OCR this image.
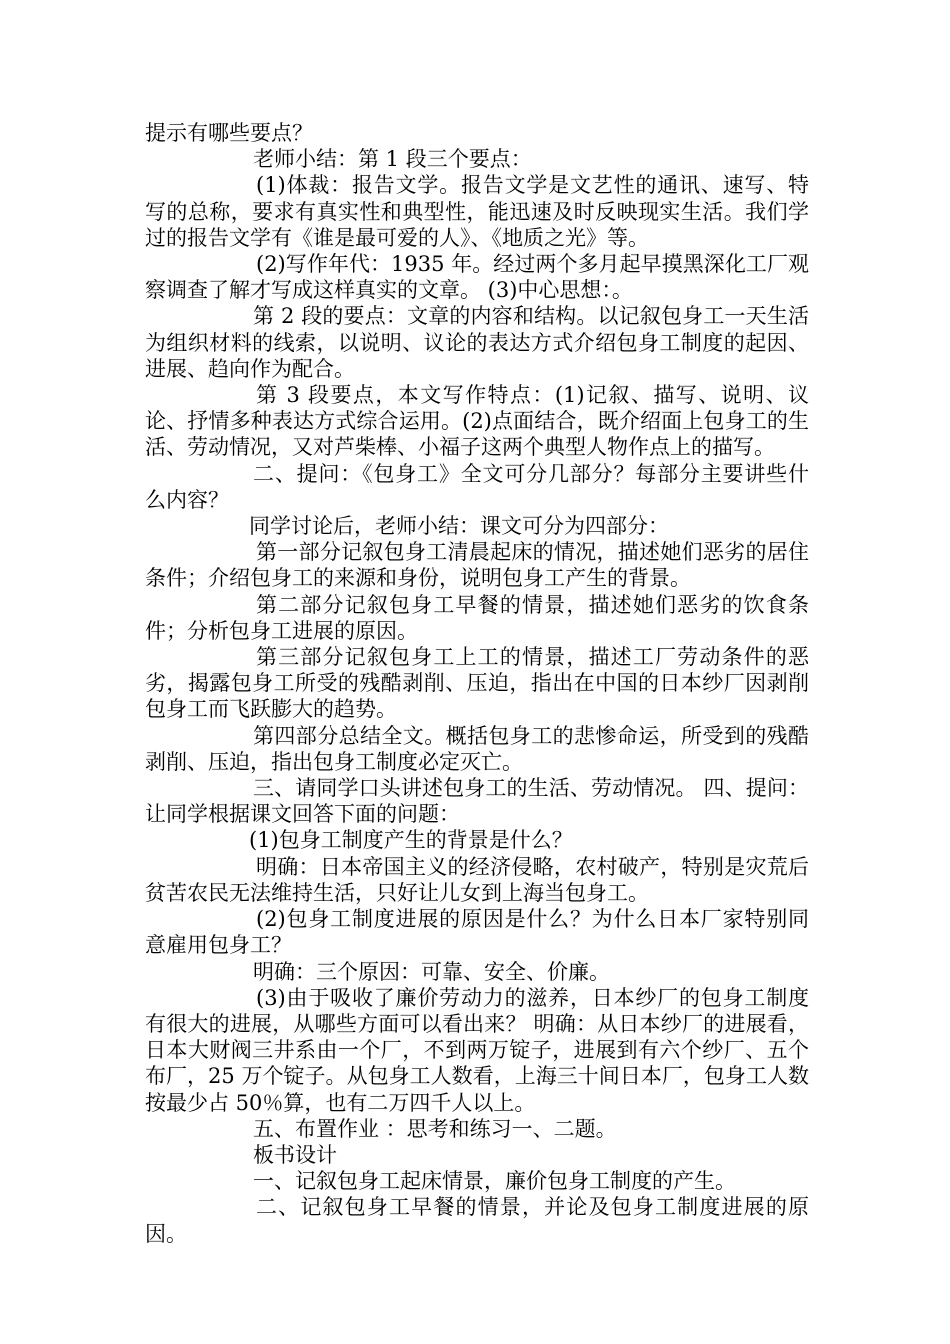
提示有哪些要点？

老师小结：第 1 段三个要点：

(1)体裁：报告文学。报告文学是文艺性的通讯、速写、特写的总称，要求有真实性和典型性，能迅速及时反映现实生活。我们学过的报告文学有《谁是最可爱的人》、《地质之光》等。

(2)写作年代：1935 年。经过两个多月起早摸黑深化工厂观察调查了解才写成这样真实的文章。 (3)中心思想：。

第 2 段的要点：文章的内容和结构。以记叙包身工一天生活为组织材料的线索，以说明、议论的表达方式介绍包身工制度的起因、进展、趋向作为配合。

第 3 段要点，本文写作特点：(1)记叙、描写、说明、议论、抒情多种表达方式综合运用。(2)点面结合，既介绍面上包身工的生活、劳动情况，又对芦柴棒、小福子这两个典型人物作点上的描写。

二、提问：《包身工》全文可分几部分？每部分主要讲些什么内容？

同学讨论后，老师小结：课文可分为四部分：

第一部分记叙包身工清晨起床的情况，描述她们恶劣的居住条件；介绍包身工的来源和身份，说明包身工产生的背景。

第二部分记叙包身工早餐的情景，描述她们恶劣的饮食条件；分析包身工进展的原因。

第三部分记叙包身工上工的情景，描述工厂劳动条件的恶劣，揭露包身工所受的残酷剥削、压迫，指出在中国的日本纱厂因剥削包身工而飞跃膨大的趋势。

第四部分总结全文。概括包身工的悲惨命运，所受到的残酷剥削、压迫，指出包身工制度必定灭亡。

三、请同学口头讲述包身工的生活、劳动情况。 四、提问：让同学根据课文回答下面的问题：

(1)包身工制度产生的背景是什么？

明确：日本帝国主义的经济侵略，农村破产，特别是灾荒后贫苦农民无法维持生活，只好让儿女到上海当包身工。

(2)包身工制度进展的原因是什么？为什么日本厂家特别同意雇用包身工？

明确：三个原因：可靠、安全、价廉。

(3)由于吸收了廉价劳动力的滋养，日本纱厂的包身工制度有很大的进展，从哪些方面可以看出来？ 明确：从日本纱厂的进展看，日本大财阀三井系由一个厂，不到两万锭子，进展到有六个纱厂、五个布厂，25 万个锭子。从包身工人数看，上海三十间日本厂，包身工人数按最少占 50％算，也有二万四千人以上。

五、布置作业 ：思考和练习一、二题。

板书设计

一、记叙包身工起床情景，廉价包身工制度的产生。

二、记叙包身工早餐的情景，并论及包身工制度进展的原因。
